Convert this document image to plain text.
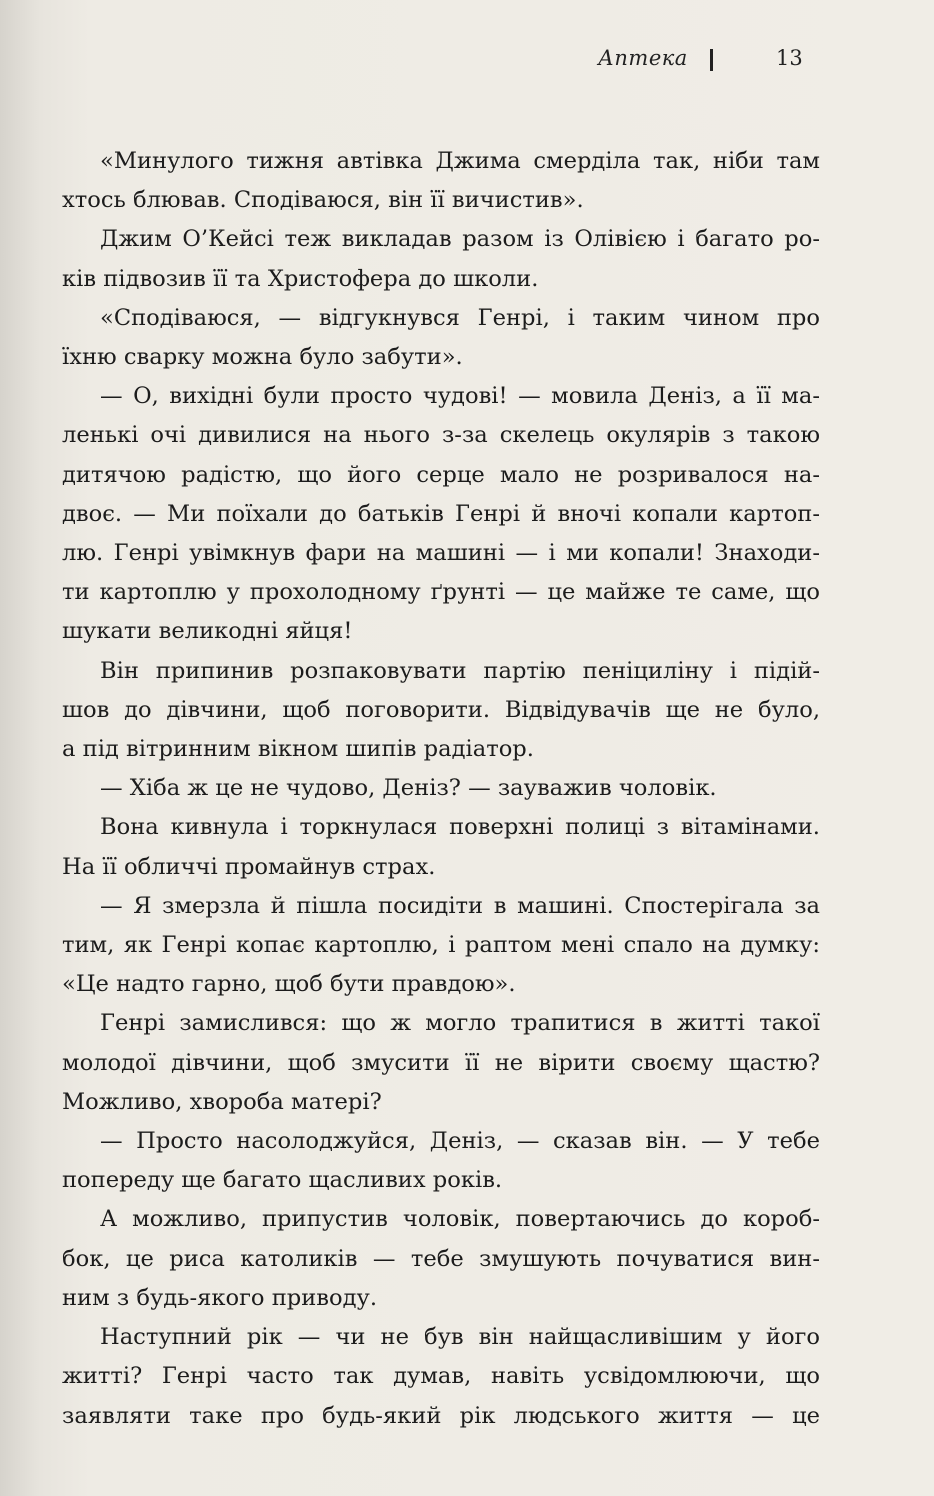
Аптека	13
«Минулого тижня автівка Джима смерділа так, ніби там
хтось блював. Сподіваюся, він її вичистив».
Джим О’Кейсі теж викладав разом із Олівією і багато ро-
ків підвозив її та Христофера до школи.
«Сподіваюся, — відгукнувся Генрі, і таким чином про
їхню сварку можна було забути».
— О, вихідні були просто чудові! — мовила Деніз, а її ма-
ленькі очі дивилися на нього з-за скелець окулярів з такою
дитячою радістю, що його серце мало не розривалося на-
двоє. — Ми поїхали до батьків Генрі й вночі копали картоп-
лю. Генрі увімкнув фари на машині — і ми копали! Знаходи-
ти картоплю у прохолодному ґрунті — це майже те саме, що
шукати великодні яйця!
Він припинив розпаковувати партію пеніциліну і підій-
шов до дівчини, щоб поговорити. Відвідувачів ще не було,
а під вітринним вікном шипів радіатор.
— Хіба ж це не чудово, Деніз? — зауважив чоловік.
Вона кивнула і торкнулася поверхні полиці з вітамінами.
На її обличчі промайнув страх.
— Я змерзла й пішла посидіти в машині. Спостерігала за
тим, як Генрі копає картоплю, і раптом мені спало на думку:
«Це надто гарно, щоб бути правдою».
Генрі замислився: що ж могло трапитися в житті такої
молодої дівчини, щоб змусити її не вірити своєму щастю?
Можливо, хвороба матері?
— Просто насолоджуйся, Деніз, — сказав він. — У тебе
попереду ще багато щасливих років.
А можливо, припустив чоловік, повертаючись до короб-
бок, це риса католиків — тебе змушують почуватися вин-
ним з будь-якого приводу.
Наступний рік — чи не був він найщасливішим у його
житті? Генрі часто так думав, навіть усвідомлюючи, що
заявляти таке про будь-який рік людського життя — це
